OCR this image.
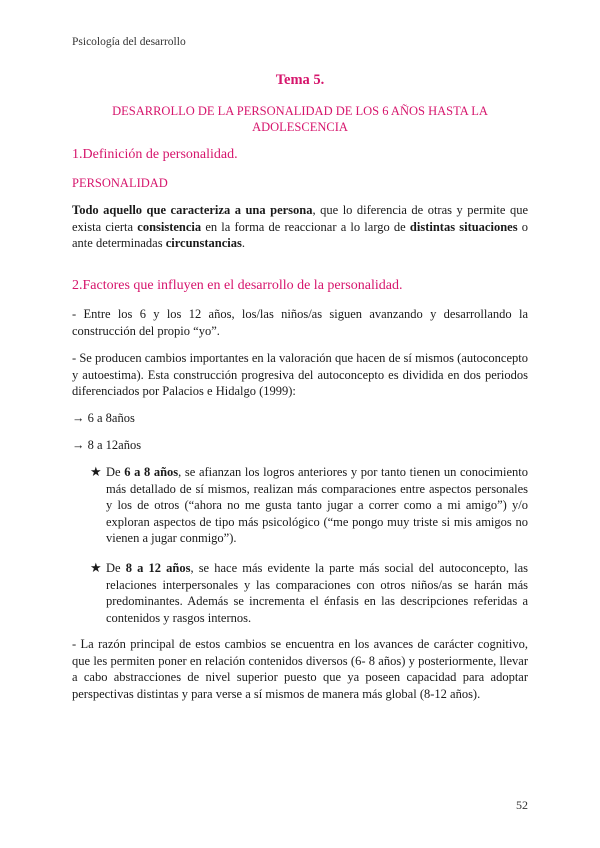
Psicología del desarrollo
Tema 5.
DESARROLLO DE LA PERSONALIDAD DE LOS 6 AÑOS HASTA LA ADOLESCENCIA
1.Definición de personalidad.
PERSONALIDAD
Todo aquello que caracteriza a una persona, que lo diferencia de otras y permite que exista cierta consistencia en la forma de reaccionar a lo largo de distintas situaciones o ante determinadas circunstancias.
2.Factores que influyen en el desarrollo de la personalidad.
- Entre los 6 y los 12 años, los/las niños/as siguen avanzando y desarrollando la construcción del propio “yo”.
- Se producen cambios importantes en la valoración que hacen de sí mismos (autoconcepto y autoestima). Esta construcción progresiva del autoconcepto es dividida en dos periodos diferenciados por Palacios e Hidalgo (1999):
→ 6 a 8años
→ 8 a 12años
★ De 6 a 8 años, se afianzan los logros anteriores y por tanto tienen un conocimiento más detallado de sí mismos, realizan más comparaciones entre aspectos personales y los de otros (“ahora no me gusta tanto jugar a correr como a mi amigo”) y/o exploran aspectos de tipo más psicológico (“me pongo muy triste si mis amigos no vienen a jugar conmigo”).
★ De 8 a 12 años, se hace más evidente la parte más social del autoconcepto, las relaciones interpersonales y las comparaciones con otros niños/as se harán más predominantes. Además se incrementa el énfasis en las descripciones referidas a contenidos y rasgos internos.
- La razón principal de estos cambios se encuentra en los avances de carácter cognitivo, que les permiten poner en relación contenidos diversos (6- 8 años) y posteriormente, llevar a cabo abstracciones de nivel superior puesto que ya poseen capacidad para adoptar perspectivas distintas y para verse a sí mismos de manera más global (8-12 años).
52
